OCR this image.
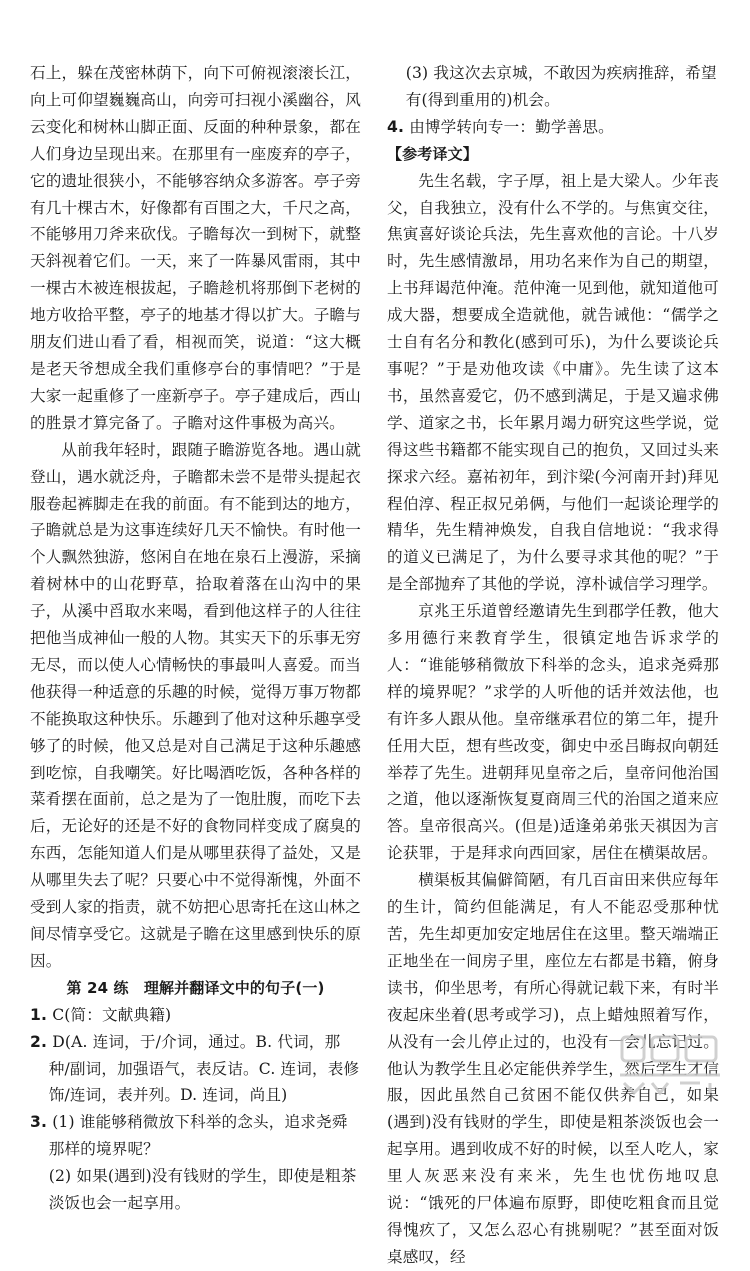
石上，躲在茂密林荫下，向下可俯视滚滚长江，向上可仰望巍巍高山，向旁可扫视小溪幽谷，风云变化和树林山脚正面、反面的种种景象，都在人们身边呈现出来。在那里有一座废弃的亭子，它的遗址很狭小，不能够容纳众多游客。亭子旁有几十棵古木，好像都有百围之大，千尺之高，不能够用刀斧来砍伐。子瞻每次一到树下，就整天斜视着它们。一天，来了一阵暴风雷雨，其中一棵古木被连根拔起，子瞻趁机将那倒下老树的地方收拾平整，亭子的地基才得以扩大。子瞻与朋友们进山看了看，相视而笑，说道：“这大概是老天爷想成全我们重修亭台的事情吧？”于是大家一起重修了一座新亭子。亭子建成后，西山的胜景才算完备了。子瞻对这件事极为高兴。

从前我年轻时，跟随子瞻游览各地。遇山就登山，遇水就泛舟，子瞻都未尝不是带头提起衣服卷起裤脚走在我的前面。有不能到达的地方，子瞻就总是为这事连续好几天不愉快。有时他一个人飘然独游，悠闲自在地在泉石上漫游，采摘着树林中的山花野草，拾取着落在山沟中的果子，从溪中舀取水来喝，看到他这样子的人往往把他当成神仙一般的人物。其实天下的乐事无穷无尽，而以使人心情畅快的事最叫人喜爱。而当他获得一种适意的乐趣的时候，觉得万事万物都不能换取这种快乐。乐趣到了他对这种乐趣享受够了的时候，他又总是对自己满足于这种乐趣感到吃惊，自我嘲笑。好比喝酒吃饭，各种各样的菜肴摆在面前，总之是为了一饱肚腹，而吃下去后，无论好的还是不好的食物同样变成了腐臭的东西，怎能知道人们是从哪里获得了益处，又是从哪里失去了呢？只要心中不觉得渐愧，外面不受到人家的指责，就不妨把心思寄托在这山林之间尽情享受它。这就是子瞻在这里感到快乐的原因。

第 24 练　理解并翻译文中的句子(一)

1. C(简：文献典籍)

2. D(A. 连词，于/介词，通过。B. 代词，那种/副词，加强语气，表反诘。C. 连词，表修饰/连词，表并列。D. 连词，尚且)

3. (1) 谁能够稍微放下科举的念头，追求尧舜那样的境界呢？

(2) 如果(遇到)没有钱财的学生，即使是粗茶淡饭也会一起享用。

(3) 我这次去京城，不敢因为疾病推辞，希望有(得到重用的)机会。

4. 由博学转向专一：勤学善思。

【参考译文】

先生名载，字子厚，祖上是大梁人。少年丧父，自我独立，没有什么不学的。与焦寅交往，焦寅喜好谈论兵法，先生喜欢他的言论。十八岁时，先生感情激昂，用功名来作为自己的期望，上书拜谒范仲淹。范仲淹一见到他，就知道他可成大器，想要成全造就他，就告诫他：“儒学之士自有名分和教化(感到可乐)，为什么要谈论兵事呢？”于是劝他攻读《中庸》。先生读了这本书，虽然喜爱它，仍不感到满足，于是又遍求佛学、道家之书，长年累月竭力研究这些学说，觉得这些书籍都不能实现自己的抱负，又回过头来探求六经。嘉祐初年，到汴梁(今河南开封)拜见程伯淳、程正叔兄弟俩，与他们一起谈论理学的精华，先生精神焕发，自我自信地说：“我求得的道义已满足了，为什么要寻求其他的呢？”于是全部抛弃了其他的学说，淳朴诚信学习理学。

京兆王乐道曾经邀请先生到郡学任教，他大多用德行来教育学生，很镇定地告诉求学的人：“谁能够稍微放下科举的念头，追求尧舜那样的境界呢？”求学的人听他的话并效法他，也有许多人跟从他。皇帝继承君位的第二年，提升任用大臣，想有些改变，御史中丞吕晦叔向朝廷举荐了先生。进朝拜见皇帝之后，皇帝问他治国之道，他以逐渐恢复夏商周三代的治国之道来应答。皇帝很高兴。(但是)适逢弟弟张天祺因为言论获罪，于是拜求向西回家，居住在横渠故居。

横渠板其偏僻简陋，有几百亩田来供应每年的生计，简约但能满足，有人不能忍受那种忧苦，先生却更加安定地居住在这里。整天端端正正地坐在一间房子里，座位左右都是书籍，俯身读书，仰坐思考，有所心得就记载下来，有时半夜起床坐着(思考或学习)，点上蜡烛照着写作，从没有一会儿停止过的，也没有一会儿忘记过。他认为教学生且必定能供养学生，然后学生才信服，因此虽然自己贫困不能仅供养自己，如果(遇到)没有钱财的学生，即使是粗茶淡饭也会一起享用。遇到收成不好的时候，以至人吃人，家里人灰恶来没有来米，先生也忧伤地叹息说：“饿死的尸体遍布原野，即使吃粗食而且觉得愧疚了，又怎么忍心有挑剔呢？”甚至面对饭桌感叹，经
